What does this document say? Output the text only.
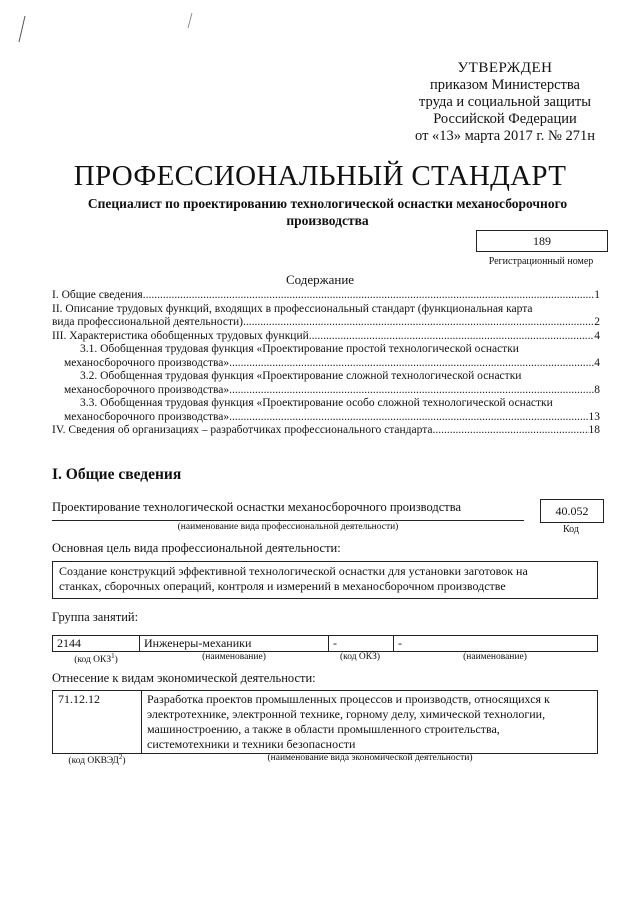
УТВЕРЖДЕН
приказом Министерства
труда и социальной защиты
Российской Федерации
от «13» марта 2017 г. № 271н
ПРОФЕССИОНАЛЬНЫЙ СТАНДАРТ
Специалист по проектированию технологической оснастки механосборочного производства
189
Регистрационный номер
Содержание
I. Общие сведения .....	1
II. Описание трудовых функций, входящих в профессиональный стандарт (функциональная карта
вида профессиональной деятельности) .....	2
III. Характеристика обобщенных трудовых функций .....	4
3.1. Обобщенная трудовая функция «Проектирование простой технологической оснастки
механосборочного производства» .....	4
3.2. Обобщенная трудовая функция «Проектирование сложной технологической оснастки
механосборочного производства» .....	8
3.3. Обобщенная трудовая функция «Проектирование особо сложной технологической оснастки
механосборочного производства» .....	13
IV. Сведения об организациях – разработчиках профессионального стандарта .....	18
I. Общие сведения
Проектирование технологической оснастки механосборочного производства
(наименование вида профессиональной деятельности)
40.052
Код
Основная цель вида профессиональной деятельности:
Создание конструкций эффективной технологической оснастки для установки заготовок на
станках, сборочных операций, контроля и измерений в механосборочном производстве
Группа занятий:
2144	Инженеры-механики	-	-
(код ОКЗ$^1$)	(наименование)	(код ОКЗ)	(наименование)
Отнесение к видам экономической деятельности:
71.12.12	Разработка проектов промышленных процессов и производств, относящихся к
электротехнике, электронной технике, горному делу, химической технологии,
машиностроению, а также в области промышленного строительства,
системотехники и техники безопасности
(код ОКВЭД$^2$)	(наименование вида экономической деятельности)
